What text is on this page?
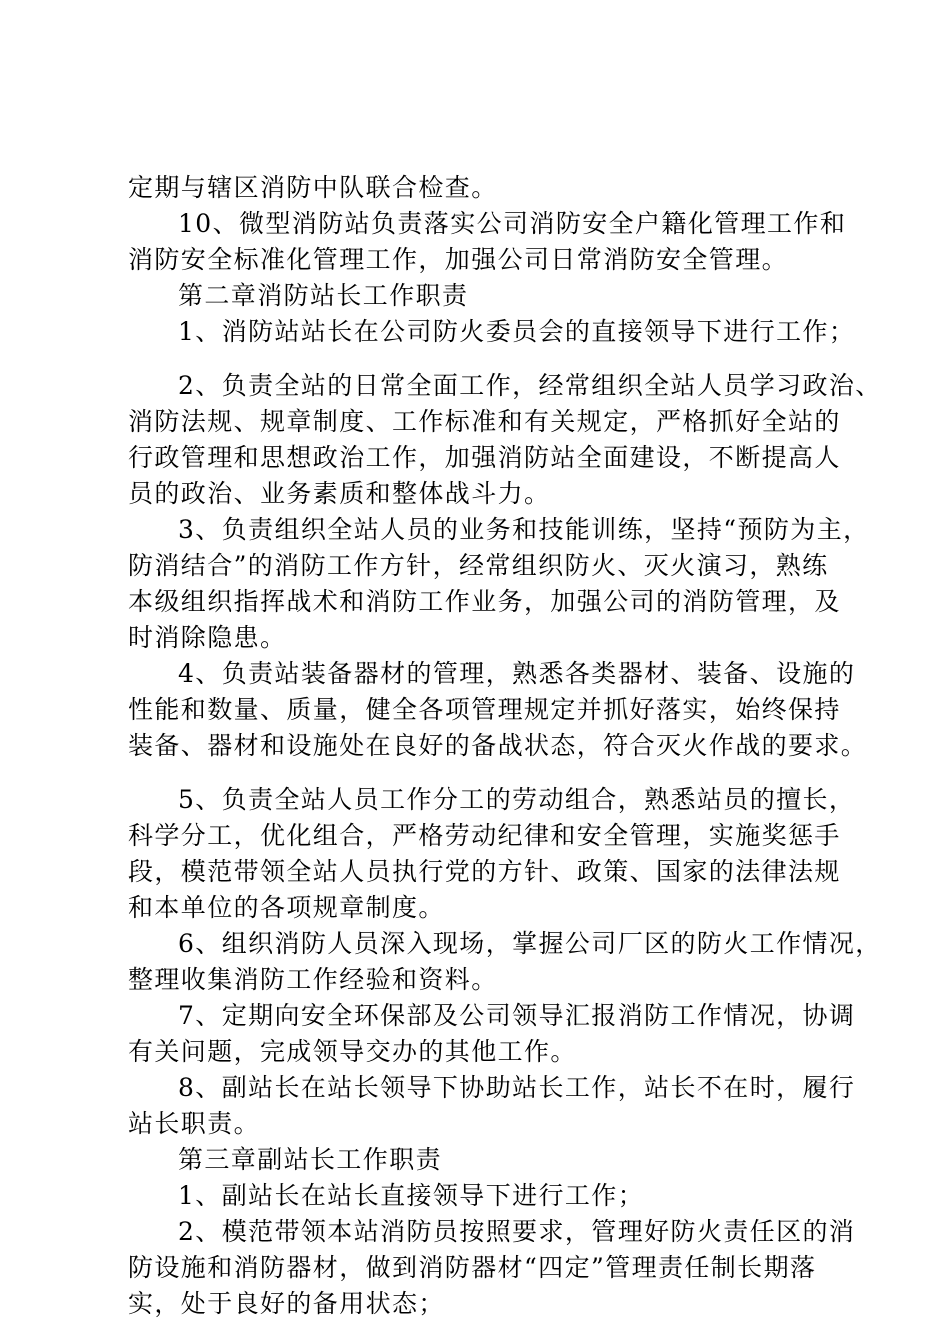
定期与辖区消防中队联合检查。
10、微型消防站负责落实公司消防安全户籍化管理工作和
消防安全标准化管理工作，加强公司日常消防安全管理。
第二章消防站长工作职责
1、消防站站长在公司防火委员会的直接领导下进行工作；
2、负责全站的日常全面工作，经常组织全站人员学习政治、
消防法规、规章制度、工作标准和有关规定，严格抓好全站的
行政管理和思想政治工作，加强消防站全面建设，不断提高人
员的政治、业务素质和整体战斗力。
3、负责组织全站人员的业务和技能训练，坚持“预防为主，
防消结合”的消防工作方针，经常组织防火、灭火演习，熟练
本级组织指挥战术和消防工作业务，加强公司的消防管理，及
时消除隐患。
4、负责站装备器材的管理，熟悉各类器材、装备、设施的
性能和数量、质量，健全各项管理规定并抓好落实，始终保持
装备、器材和设施处在良好的备战状态，符合灭火作战的要求。
5、负责全站人员工作分工的劳动组合，熟悉站员的擅长，
科学分工，优化组合，严格劳动纪律和安全管理，实施奖惩手
段，模范带领全站人员执行党的方针、政策、国家的法律法规
和本单位的各项规章制度。
6、组织消防人员深入现场，掌握公司厂区的防火工作情况，
整理收集消防工作经验和资料。
7、定期向安全环保部及公司领导汇报消防工作情况，协调
有关问题，完成领导交办的其他工作。
8、副站长在站长领导下协助站长工作，站长不在时，履行
站长职责。
第三章副站长工作职责
1、副站长在站长直接领导下进行工作；
2、模范带领本站消防员按照要求，管理好防火责任区的消
防设施和消防器材，做到消防器材“四定”管理责任制长期落
实，处于良好的备用状态；
